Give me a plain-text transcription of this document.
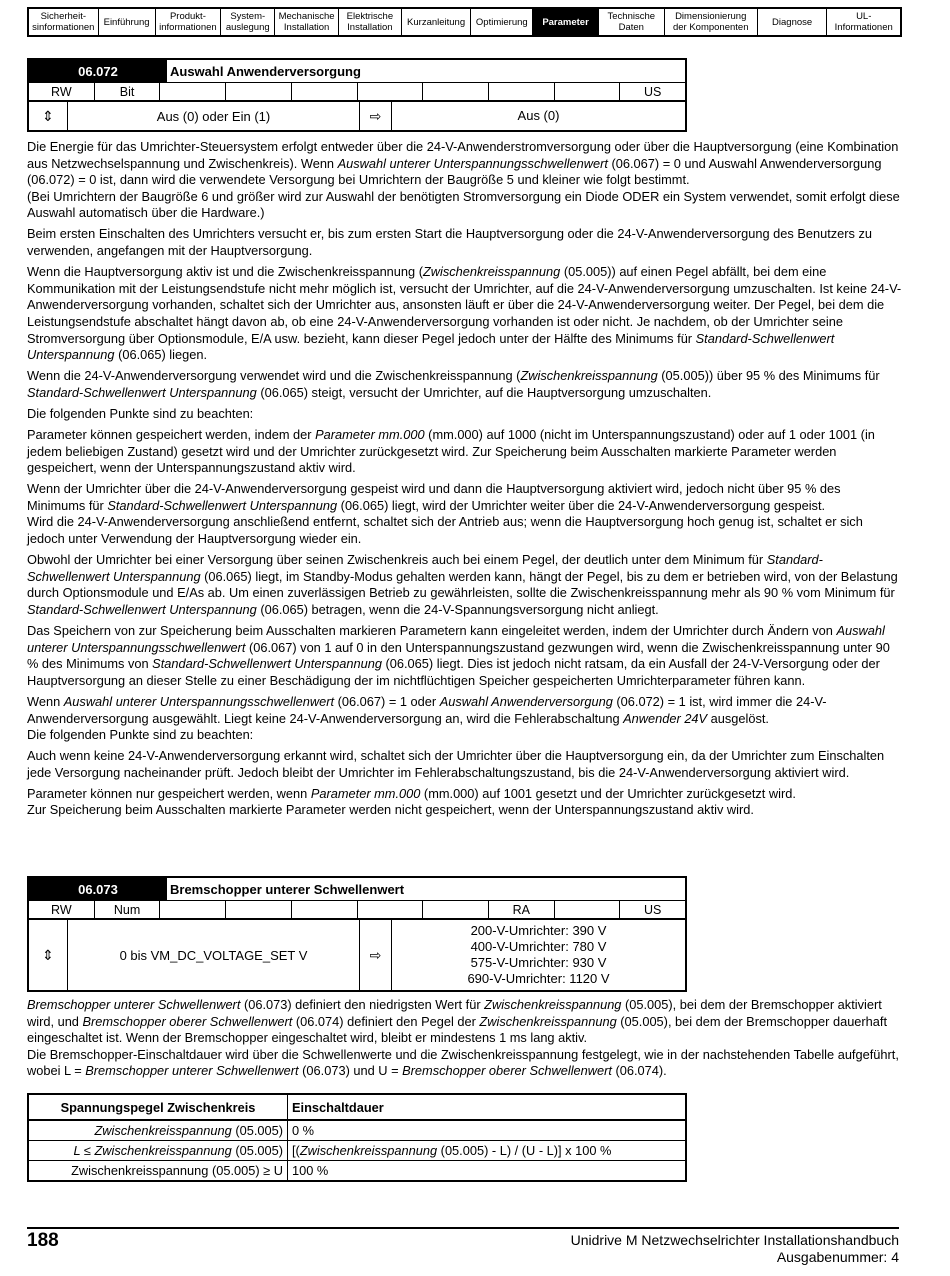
Sicherheit-
sinformationen Einführung	Produkt-
informationen
System-
auslegung
Mechanische
Installation
Elektrische
Installation	Kurzanleitung	Optimierung	Parameter	Technische
Daten
Dimensionierung
der Komponenten	Diagnose	UL-
Informationen
06.072	Auswahl Anwenderversorgung
RW	Bit	US
⇕	Aus (0) oder Ein (1)	⇨	Aus (0)

Die Energie für das Umrichter-Steuersystem erfolgt entweder über die 24-V-Anwenderstromversorgung oder über die Hauptversorgung (eine Kombination aus Netzwechselspannung und Zwischenkreis). Wenn Auswahl unterer Unterspannungsschwellenwert (06.067) = 0 und Auswahl Anwenderversorgung (06.072) = 0 ist, dann wird die verwendete Versorgung bei Umrichtern der Baugröße 5 und kleiner wie folgt bestimmt.
(Bei Umrichtern der Baugröße 6 und größer wird zur Auswahl der benötigten Stromversorgung ein Diode ODER ein System verwendet, somit erfolgt diese Auswahl automatisch über die Hardware.)

Beim ersten Einschalten des Umrichters versucht er, bis zum ersten Start die Hauptversorgung oder die 24-V-Anwenderversorgung des Benutzers zu verwenden, angefangen mit der Hauptversorgung.

Wenn die Hauptversorgung aktiv ist und die Zwischenkreisspannung (Zwischenkreisspannung (05.005)) auf einen Pegel abfällt, bei dem eine Kommunikation mit der Leistungsendstufe nicht mehr möglich ist, versucht der Umrichter, auf die 24-V-Anwenderversorgung umzuschalten. Ist keine 24-V-Anwenderversorgung vorhanden, schaltet sich der Umrichter aus, ansonsten läuft er über die 24-V-Anwenderversorgung weiter. Der Pegel, bei dem die Leistungsendstufe abschaltet hängt davon ab, ob eine 24-V-Anwenderversorgung vorhanden ist oder nicht. Je nachdem, ob der Umrichter seine Stromversorgung über Optionsmodule, E/A usw. bezieht, kann dieser Pegel jedoch unter der Hälfte des Minimums für Standard-Schwellenwert Unterspannung (06.065) liegen.

Wenn die 24-V-Anwenderversorgung verwendet wird und die Zwischenkreisspannung (Zwischenkreisspannung (05.005)) über 95 % des Minimums für Standard-Schwellenwert Unterspannung (06.065) steigt, versucht der Umrichter, auf die Hauptversorgung umzuschalten.

Die folgenden Punkte sind zu beachten:

Parameter können gespeichert werden, indem der Parameter mm.000 (mm.000) auf 1000 (nicht im Unterspannungszustand) oder auf 1 oder 1001 (in jedem beliebigen Zustand) gesetzt wird und der Umrichter zurückgesetzt wird. Zur Speicherung beim Ausschalten markierte Parameter werden gespeichert, wenn der Unterspannungszustand aktiv wird.

Wenn der Umrichter über die 24-V-Anwenderversorgung gespeist wird und dann die Hauptversorgung aktiviert wird, jedoch nicht über 95 % des Minimums für Standard-Schwellenwert Unterspannung (06.065) liegt, wird der Umrichter weiter über die 24-V-Anwenderversorgung gespeist.
Wird die 24-V-Anwenderversorgung anschließend entfernt, schaltet sich der Antrieb aus; wenn die Hauptversorgung hoch genug ist, schaltet er sich jedoch unter Verwendung der Hauptversorgung wieder ein.

Obwohl der Umrichter bei einer Versorgung über seinen Zwischenkreis auch bei einem Pegel, der deutlich unter dem Minimum für Standard-Schwellenwert Unterspannung (06.065) liegt, im Standby-Modus gehalten werden kann, hängt der Pegel, bis zu dem er betrieben wird, von der Belastung durch Optionsmodule und E/As ab. Um einen zuverlässigen Betrieb zu gewährleisten, sollte die Zwischenkreisspannung mehr als 90 % vom Minimum für Standard-Schwellenwert Unterspannung (06.065) betragen, wenn die 24-V-Spannungsversorgung nicht anliegt.

Das Speichern von zur Speicherung beim Ausschalten markieren Parametern kann eingeleitet werden, indem der Umrichter durch Ändern von Auswahl unterer Unterspannungsschwellenwert (06.067) von 1 auf 0 in den Unterspannungszustand gezwungen wird, wenn die Zwischenkreisspannung unter 90 % des Minimums von Standard-Schwellenwert Unterspannung (06.065) liegt. Dies ist jedoch nicht ratsam, da ein Ausfall der 24-V-Versorgung oder der Hauptversorgung an dieser Stelle zu einer Beschädigung der im nichtflüchtigen Speicher gespeicherten Umrichterparameter führen kann.

Wenn Auswahl unterer Unterspannungsschwellenwert (06.067) = 1 oder Auswahl Anwenderversorgung (06.072) = 1 ist, wird immer die 24-V-Anwenderversorgung ausgewählt. Liegt keine 24-V-Anwenderversorgung an, wird die Fehlerabschaltung Anwender 24V ausgelöst.
Die folgenden Punkte sind zu beachten:

Auch wenn keine 24-V-Anwenderversorgung erkannt wird, schaltet sich der Umrichter über die Hauptversorgung ein, da der Umrichter zum Einschalten jede Versorgung nacheinander prüft. Jedoch bleibt der Umrichter im Fehlerabschaltungszustand, bis die 24-V-Anwenderversorgung aktiviert wird.

Parameter können nur gespeichert werden, wenn Parameter mm.000 (mm.000) auf 1001 gesetzt und der Umrichter zurückgesetzt wird.
Zur Speicherung beim Ausschalten markierte Parameter werden nicht gespeichert, wenn der Unterspannungszustand aktiv wird.

06.073	Bremschopper unterer Schwellenwert
RW	Num	RA	US
⇕	0 bis VM_DC_VOLTAGE_SET V	⇨
200-V-Umrichter: 390 V
400-V-Umrichter: 780 V
575-V-Umrichter: 930 V
690-V-Umrichter: 1120 V

Bremschopper unterer Schwellenwert (06.073) definiert den niedrigsten Wert für Zwischenkreisspannung (05.005), bei dem der Bremschopper aktiviert wird, und Bremschopper oberer Schwellenwert (06.074) definiert den Pegel der Zwischenkreisspannung (05.005), bei dem der Bremschopper dauerhaft eingeschaltet ist. Wenn der Bremschopper eingeschaltet wird, bleibt er mindestens 1 ms lang aktiv.
Die Bremschopper-Einschaltdauer wird über die Schwellenwerte und die Zwischenkreisspannung festgelegt, wie in der nachstehenden Tabelle aufgeführt, wobei L = Bremschopper unterer Schwellenwert (06.073) und U = Bremschopper oberer Schwellenwert (06.074).

Spannungspegel Zwischenkreis	Einschaltdauer
Zwischenkreisspannung (05.005)	0 %
L ≤ Zwischenkreisspannung (05.005)	[(Zwischenkreisspannung (05.005) - L) / (U - L)] x 100 %
Zwischenkreisspannung (05.005) ≥ U	100 %
188	Unidrive M Netzwechselrichter Installationshandbuch
Ausgabenummer: 4
